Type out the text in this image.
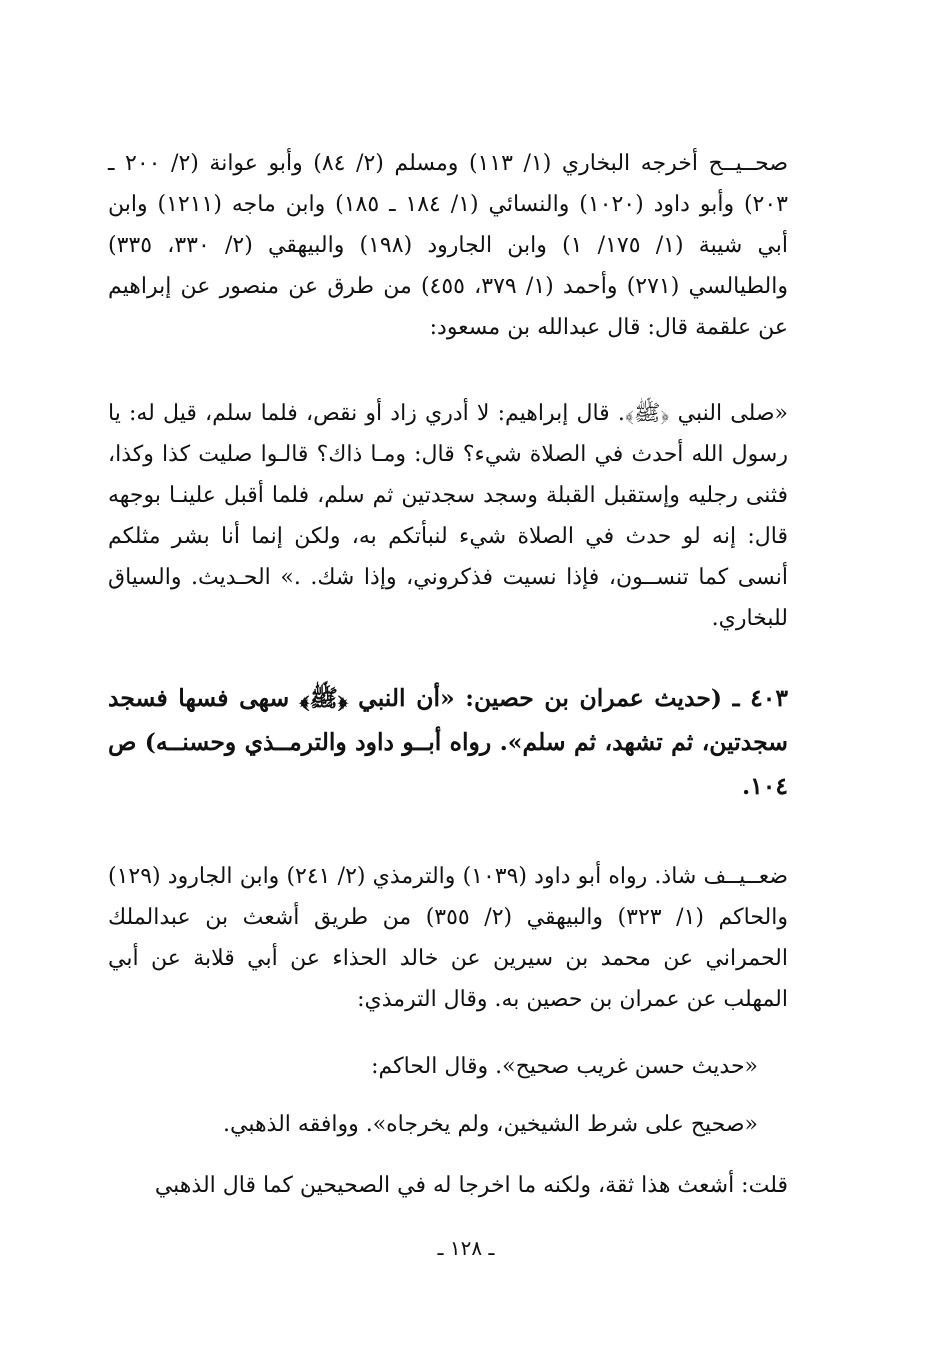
صحــيــح أخرجه البخاري (١/ ١١٣) ومسلم (٢/ ٨٤) وأبو عوانة (٢/ ٢٠٠ ـ ٢٠٣) وأبو داود (١٠٢٠) والنسائي (١/ ١٨٤ ـ ١٨٥) وابن ماجه (١٢١١) وابن أبي شيبة (١/ ١٧٥/ ١) وابن الجارود (١٩٨) والبيهقي (٢/ ٣٣٠، ٣٣٥) والطيالسي (٢٧١) وأحمد (١/ ٣٧٩، ٤٥٥) من طرق عن منصور عن إبراهيم عن علقمة قال: قال عبدالله بن مسعود:

«صلى النبي ﴿ﷺ﴾. قال إبراهيم: لا أدري زاد أو نقص، فلما سلم، قيل له: يا رسول الله أحدث في الصلاة شيء؟ قال: ومـا ذاك؟ قالـوا صليت كذا وكذا، فثنى رجليه وإستقبل القبلة وسجد سجدتين ثم سلم، فلما أقبل علينـا بوجهه قال: إنه لو حدث في الصلاة شيء لنبأتكم به، ولكن إنما أنا بشر مثلكم أنسى كما تنســون، فإذا نسيت فذكروني، وإذا شك. .» الحـديث. والسياق للبخاري.

٤٠٣ ـ (حديث عمران بن حصين: «أن النبي ﴿ﷺ﴾ سهى فسها فسجد سجدتين، ثم تشهد، ثم سلم». رواه أبــو داود والترمــذي وحسنــه) ص ١٠٤.

ضعــيــف شاذ. رواه أبو داود (١٠٣٩) والترمذي (٢/ ٢٤١) وابن الجارود (١٢٩) والحاكم (١/ ٣٢٣) والبيهقي (٢/ ٣٥٥) من طريق أشعث بن عبدالملك الحمراني عن محمد بن سيرين عن خالد الحذاء عن أبي قلابة عن أبي المهلب عن عمران بن حصين به. وقال الترمذي:

«حديث حسن غريب صحيح». وقال الحاكم:

«صحيح على شرط الشيخين، ولم يخرجاه». ووافقه الذهبي.

قلت: أشعث هذا ثقة، ولكنه ما اخرجا له في الصحيحين كما قال الذهبي

ـ ١٢٨ ـ
